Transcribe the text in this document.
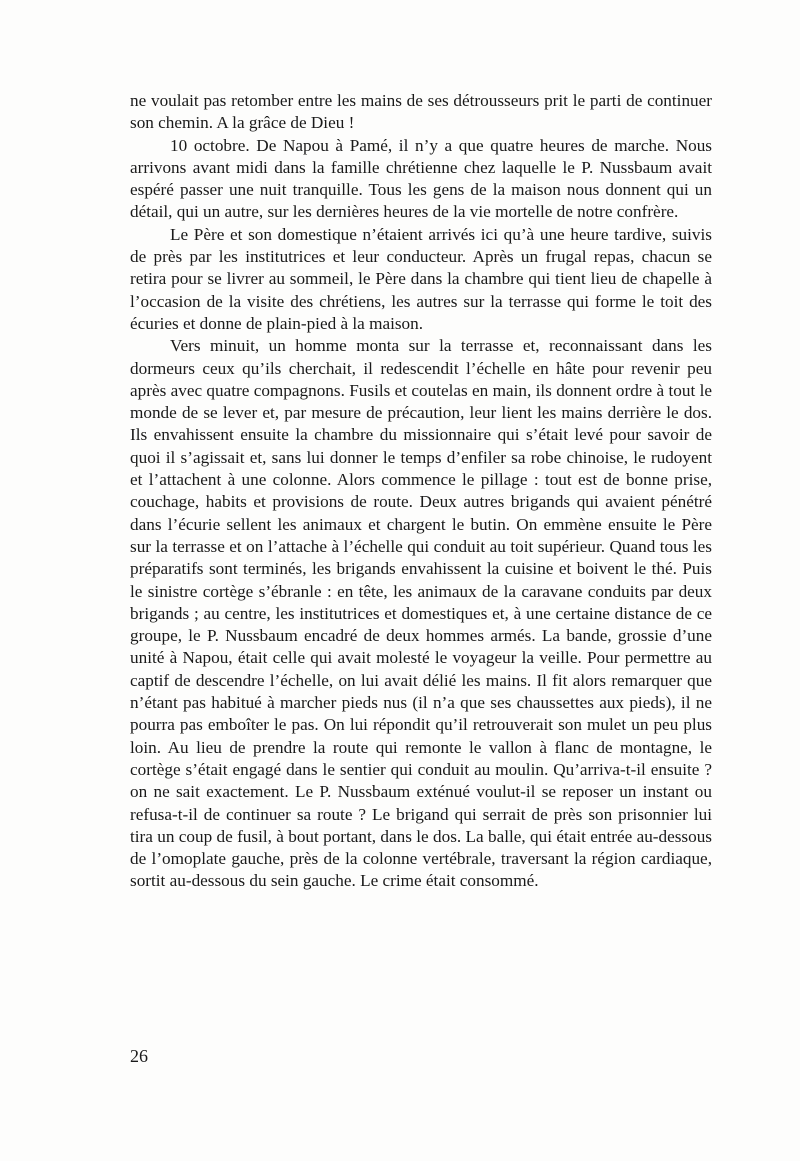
ne voulait pas retomber entre les mains de ses détrousseurs prit le parti de continuer son chemin. A la grâce de Dieu !

10 octobre. De Napou à Pamé, il n’y a que quatre heures de marche. Nous arrivons avant midi dans la famille chrétienne chez laquelle le P. Nussbaum avait espéré passer une nuit tranquille. Tous les gens de la maison nous donnent qui un détail, qui un autre, sur les dernières heures de la vie mortelle de notre confrère.

Le Père et son domestique n’étaient arrivés ici qu’à une heure tardive, suivis de près par les institutrices et leur conducteur. Après un frugal repas, chacun se retira pour se livrer au sommeil, le Père dans la chambre qui tient lieu de chapelle à l’occasion de la visite des chrétiens, les autres sur la terrasse qui forme le toit des écuries et donne de plain-pied à la maison.

Vers minuit, un homme monta sur la terrasse et, reconnaissant dans les dormeurs ceux qu’ils cherchait, il redescendit l’échelle en hâte pour revenir peu après avec quatre compagnons. Fusils et coutelas en main, ils donnent ordre à tout le monde de se lever et, par mesure de précaution, leur lient les mains derrière le dos. Ils envahissent ensuite la chambre du missionnaire qui s’était levé pour savoir de quoi il s’agissait et, sans lui donner le temps d’enfiler sa robe chinoise, le rudoyent et l’attachent à une colonne. Alors commence le pillage : tout est de bonne prise, couchage, habits et provisions de route. Deux autres brigands qui avaient pénétré dans l’écurie sellent les animaux et chargent le butin. On emmène ensuite le Père sur la terrasse et on l’attache à l’échelle qui conduit au toit supérieur. Quand tous les préparatifs sont terminés, les brigands envahissent la cuisine et boivent le thé. Puis le sinistre cortège s’ébranle : en tête, les animaux de la caravane conduits par deux brigands ; au centre, les institutrices et domestiques et, à une certaine distance de ce groupe, le P. Nussbaum encadré de deux hommes armés. La bande, grossie d’une unité à Napou, était celle qui avait molesté le voyageur la veille. Pour permettre au captif de descendre l’échelle, on lui avait délié les mains. Il fit alors remarquer que n’étant pas habitué à marcher pieds nus (il n’a que ses chaussettes aux pieds), il ne pourra pas emboîter le pas. On lui répondit qu’il retrouverait son mulet un peu plus loin. Au lieu de prendre la route qui remonte le vallon à flanc de montagne, le cortège s’était engagé dans le sentier qui conduit au moulin. Qu’arriva-t-il ensuite ? on ne sait exactement. Le P. Nussbaum exténué voulut-il se reposer un instant ou refusa-t-il de continuer sa route ? Le brigand qui serrait de près son prisonnier lui tira un coup de fusil, à bout portant, dans le dos. La balle, qui était entrée au-dessous de l’omoplate gauche, près de la colonne vertébrale, traversant la région cardiaque, sortit au-dessous du sein gauche. Le crime était consommé.

26
